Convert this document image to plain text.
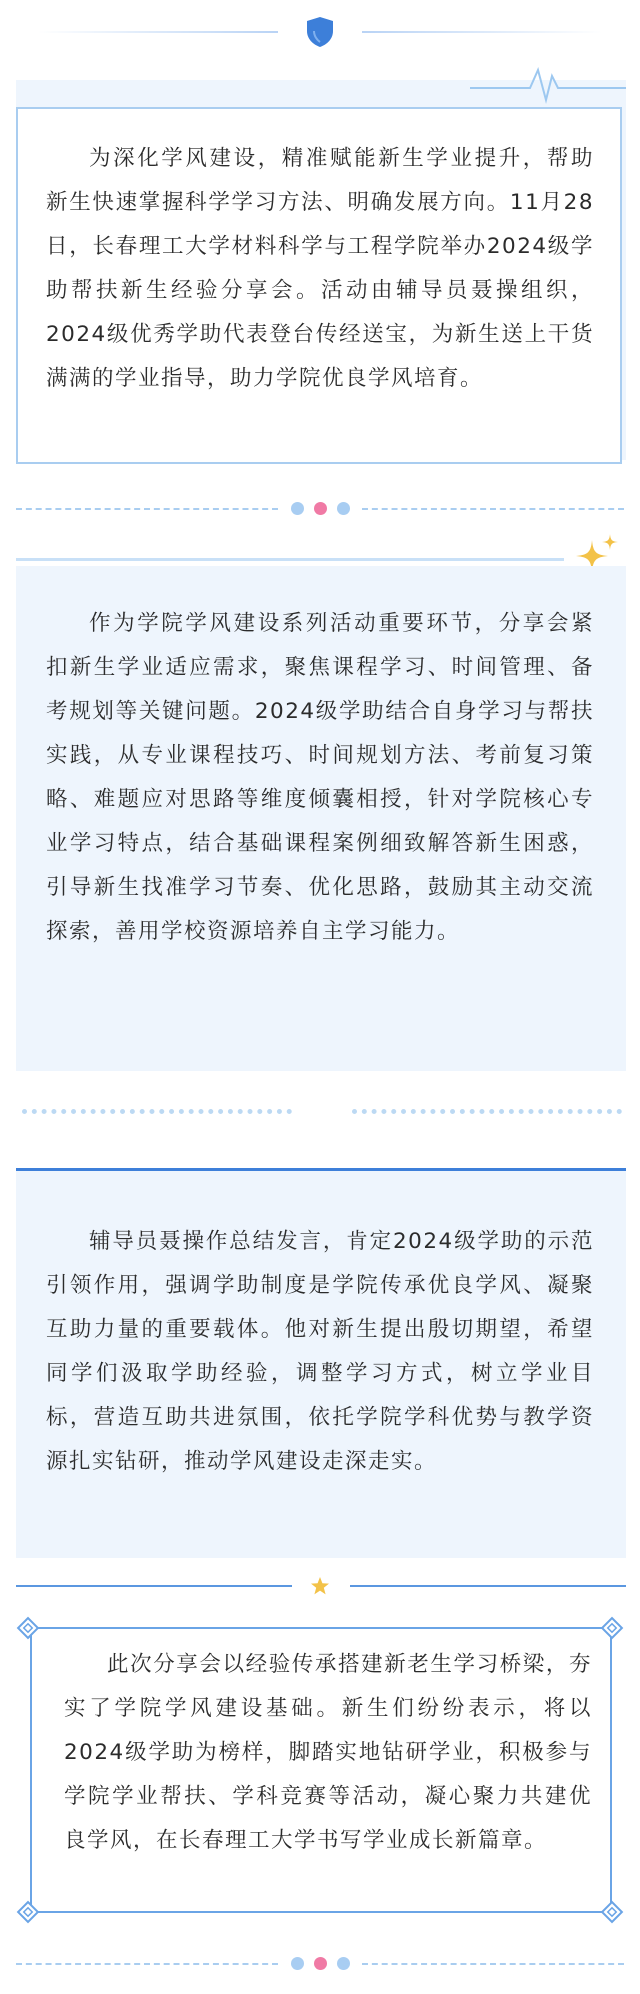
为深化学风建设，精准赋能新生学业提升，帮助新生快速掌握科学学习方法、明确发展方向。11月28日，长春理工大学材料科学与工程学院举办2024级学助帮扶新生经验分享会。活动由辅导员聂操组织，2024级优秀学助代表登台传经送宝，为新生送上干货满满的学业指导，助力学院优良学风培育。

作为学院学风建设系列活动重要环节，分享会紧扣新生学业适应需求，聚焦课程学习、时间管理、备考规划等关键问题。2024级学助结合自身学习与帮扶实践，从专业课程技巧、时间规划方法、考前复习策略、难题应对思路等维度倾囊相授，针对学院核心专业学习特点，结合基础课程案例细致解答新生困惑，引导新生找准学习节奏、优化思路，鼓励其主动交流探索，善用学校资源培养自主学习能力。

辅导员聂操作总结发言，肯定2024级学助的示范引领作用，强调学助制度是学院传承优良学风、凝聚互助力量的重要载体。他对新生提出殷切期望，希望同学们汲取学助经验，调整学习方式，树立学业目标，营造互助共进氛围，依托学院学科优势与教学资源扎实钻研，推动学风建设走深走实。

此次分享会以经验传承搭建新老生学习桥梁，夯实了学院学风建设基础。新生们纷纷表示，将以2024级学助为榜样，脚踏实地钻研学业，积极参与学院学业帮扶、学科竞赛等活动，凝心聚力共建优良学风，在长春理工大学书写学业成长新篇章。
